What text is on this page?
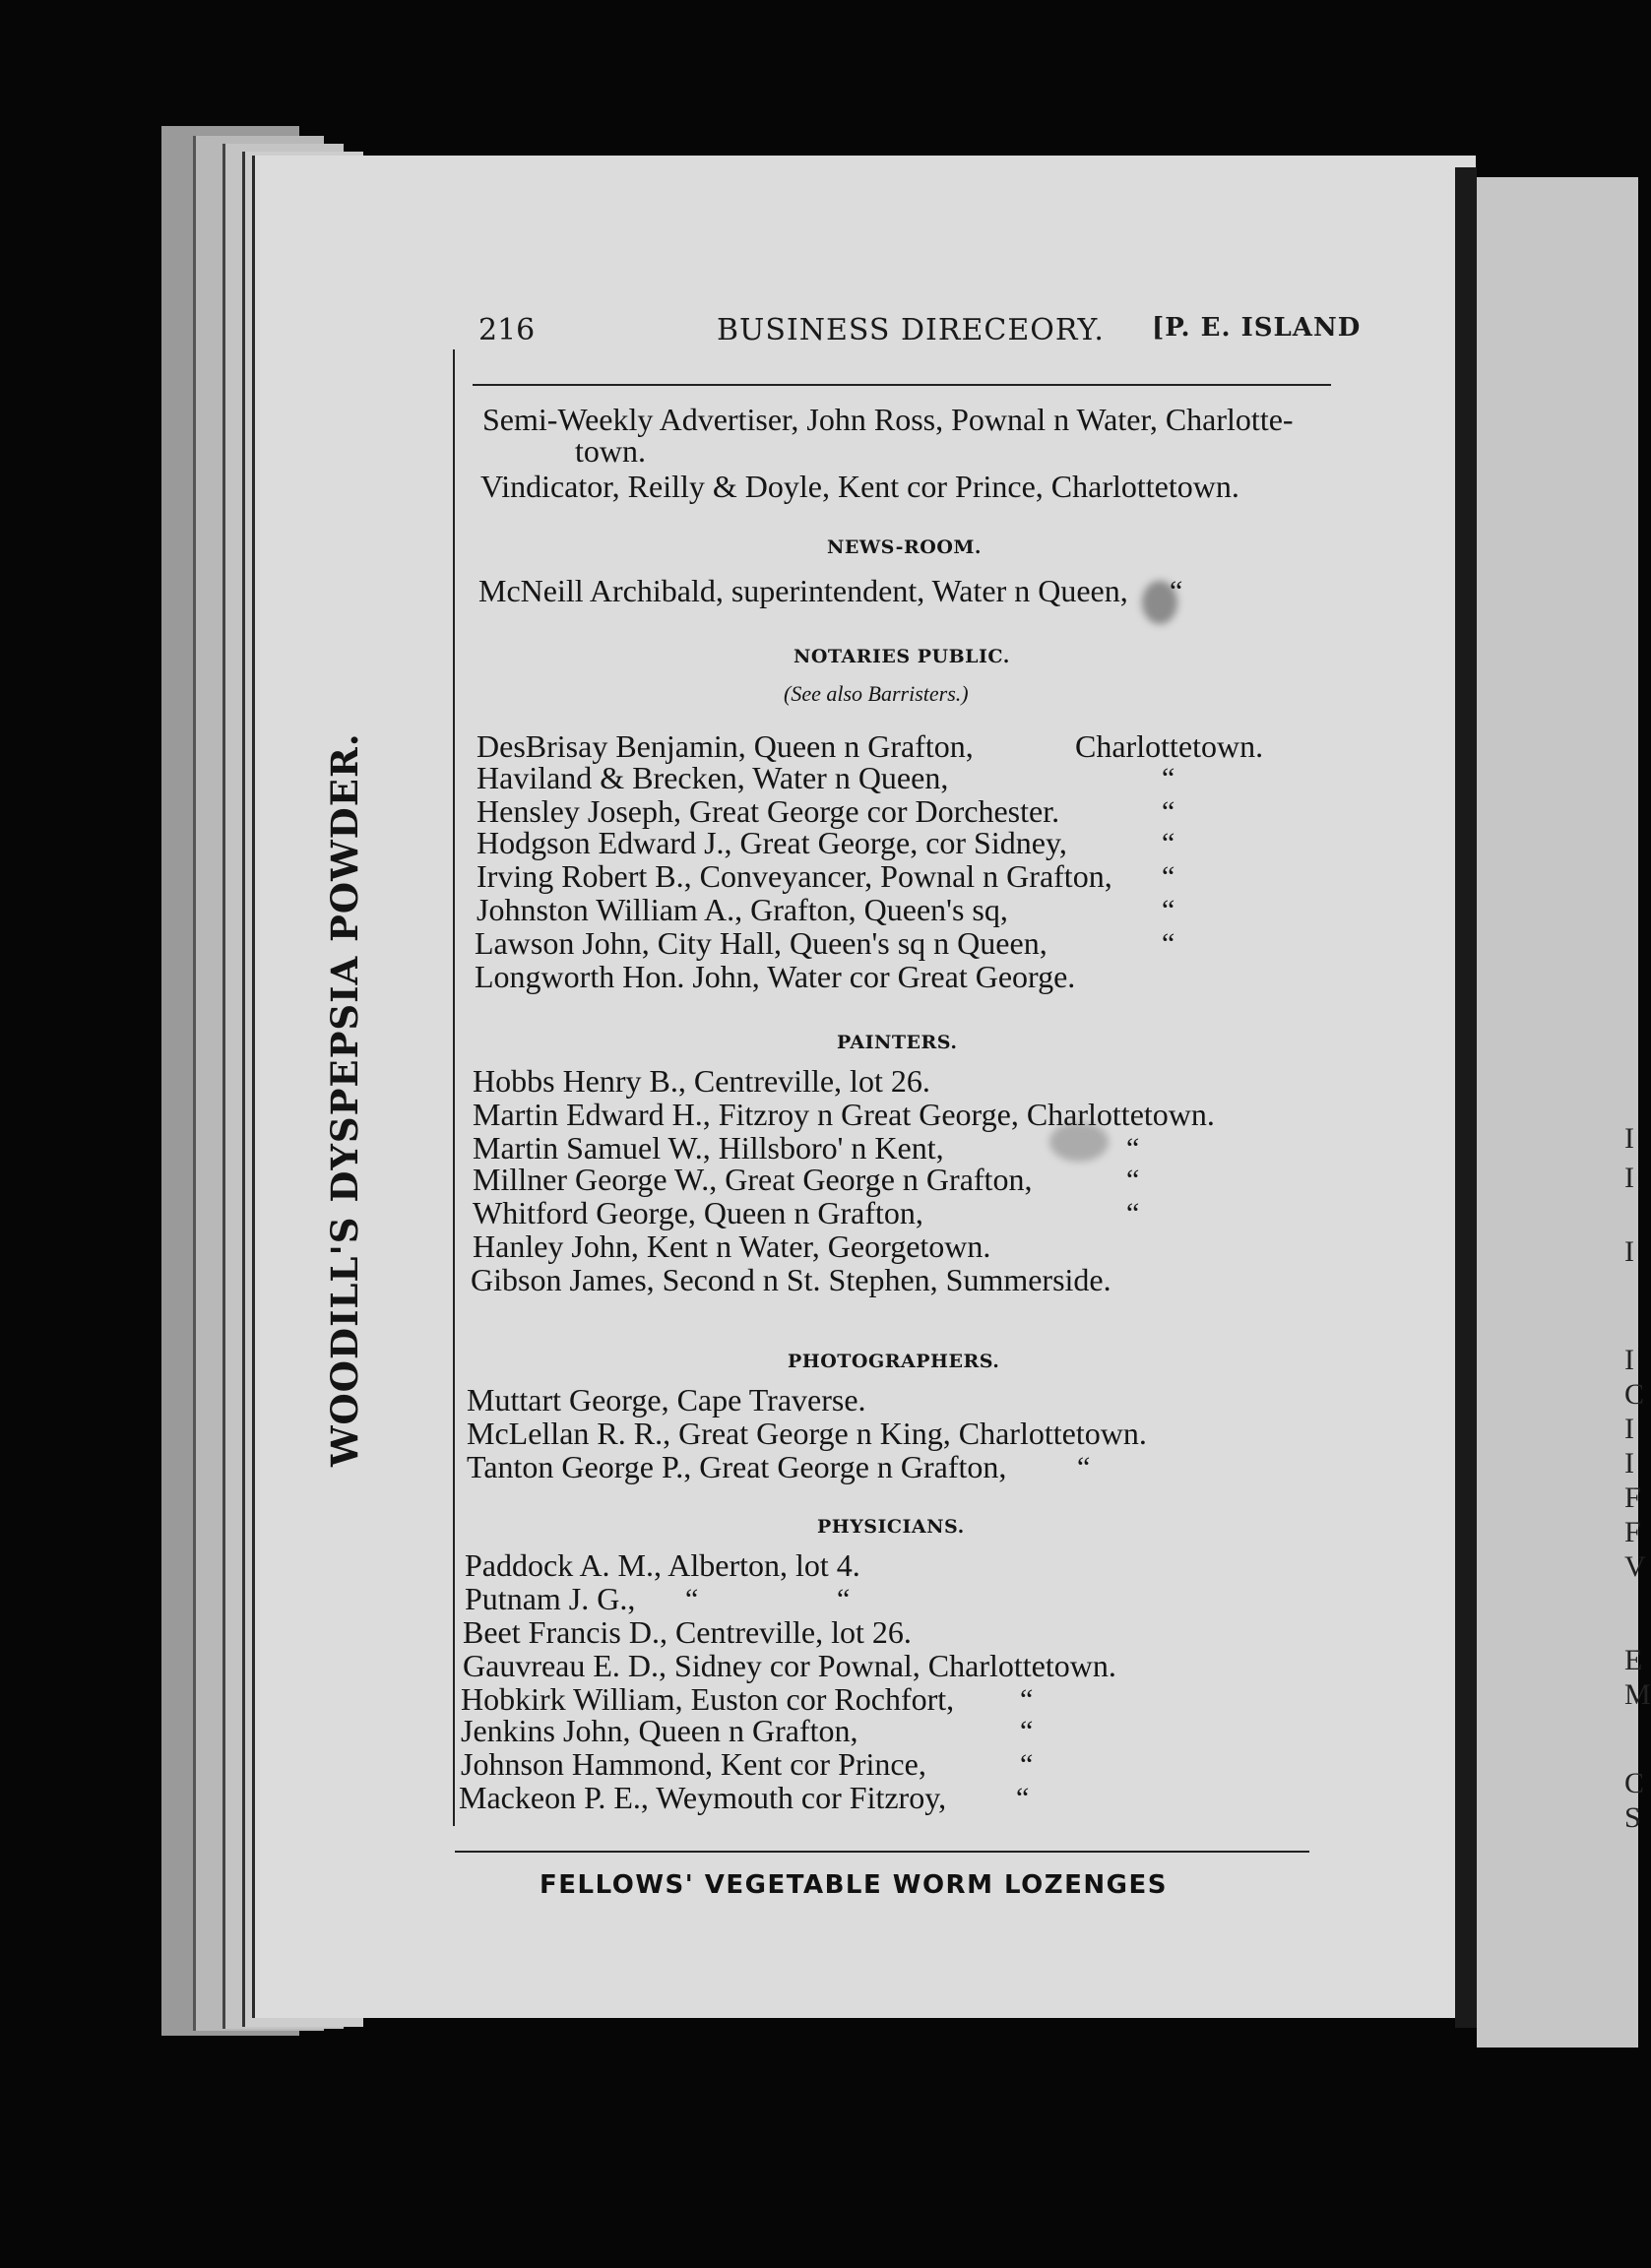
I
I
I
I
C
I
I
F
F
V
E
M
C
S
WOODILL'S DYSPEPSIA POWDER.
216	BUSINESS DIRECEORY. [P. E. ISLAND
Semi-Weekly Advertiser, John Ross, Pownal n Water, Charlotte-
town.
Vindicator, Reilly & Doyle, Kent cor Prince, Charlottetown.
NEWS-ROOM.
McNeill Archibald, superintendent, Water n Queen, “
NOTARIES PUBLIC.
(See also Barristers.)
DesBrisay Benjamin, Queen n Grafton,
Haviland & Brecken, Water n Queen,
Hensley Joseph, Great George cor Dorchester.
Hodgson Edward J., Great George, cor Sidney,
Irving Robert B., Conveyancer, Pownal n Grafton,
Johnston William A., Grafton, Queen's sq,
Lawson John, City Hall, Queen's sq n Queen,
Longworth Hon. John, Water cor Great George.
Charlottetown.
“
“
“
“
“
“
PAINTERS.
Hobbs Henry B., Centreville, lot 26.
Martin Edward H., Fitzroy n Great George, Charlottetown.
Martin Samuel W., Hillsboro' n Kent,
Millner George W., Great George n Grafton,
Whitford George, Queen n Grafton,
Hanley John, Kent n Water, Georgetown.
Gibson James, Second n St. Stephen, Summerside.
“
“
“
PHOTOGRAPHERS.
Muttart George, Cape Traverse.
McLellan R. R., Great George n King, Charlottetown.
Tanton George P., Great George n Grafton, “
PHYSICIANS.
Paddock A. M., Alberton, lot 4.
Putnam J. G., “	“
Beet Francis D., Centreville, lot 26.
Gauvreau E. D., Sidney cor Pownal, Charlottetown.
Hobkirk William, Euston cor Rochfort,
Jenkins John, Queen n Grafton,
Johnson Hammond, Kent cor Prince,
Mackeon P. E., Weymouth cor Fitzroy,
“
“
“
“
FELLOWS' VEGETABLE WORM LOZENGES
